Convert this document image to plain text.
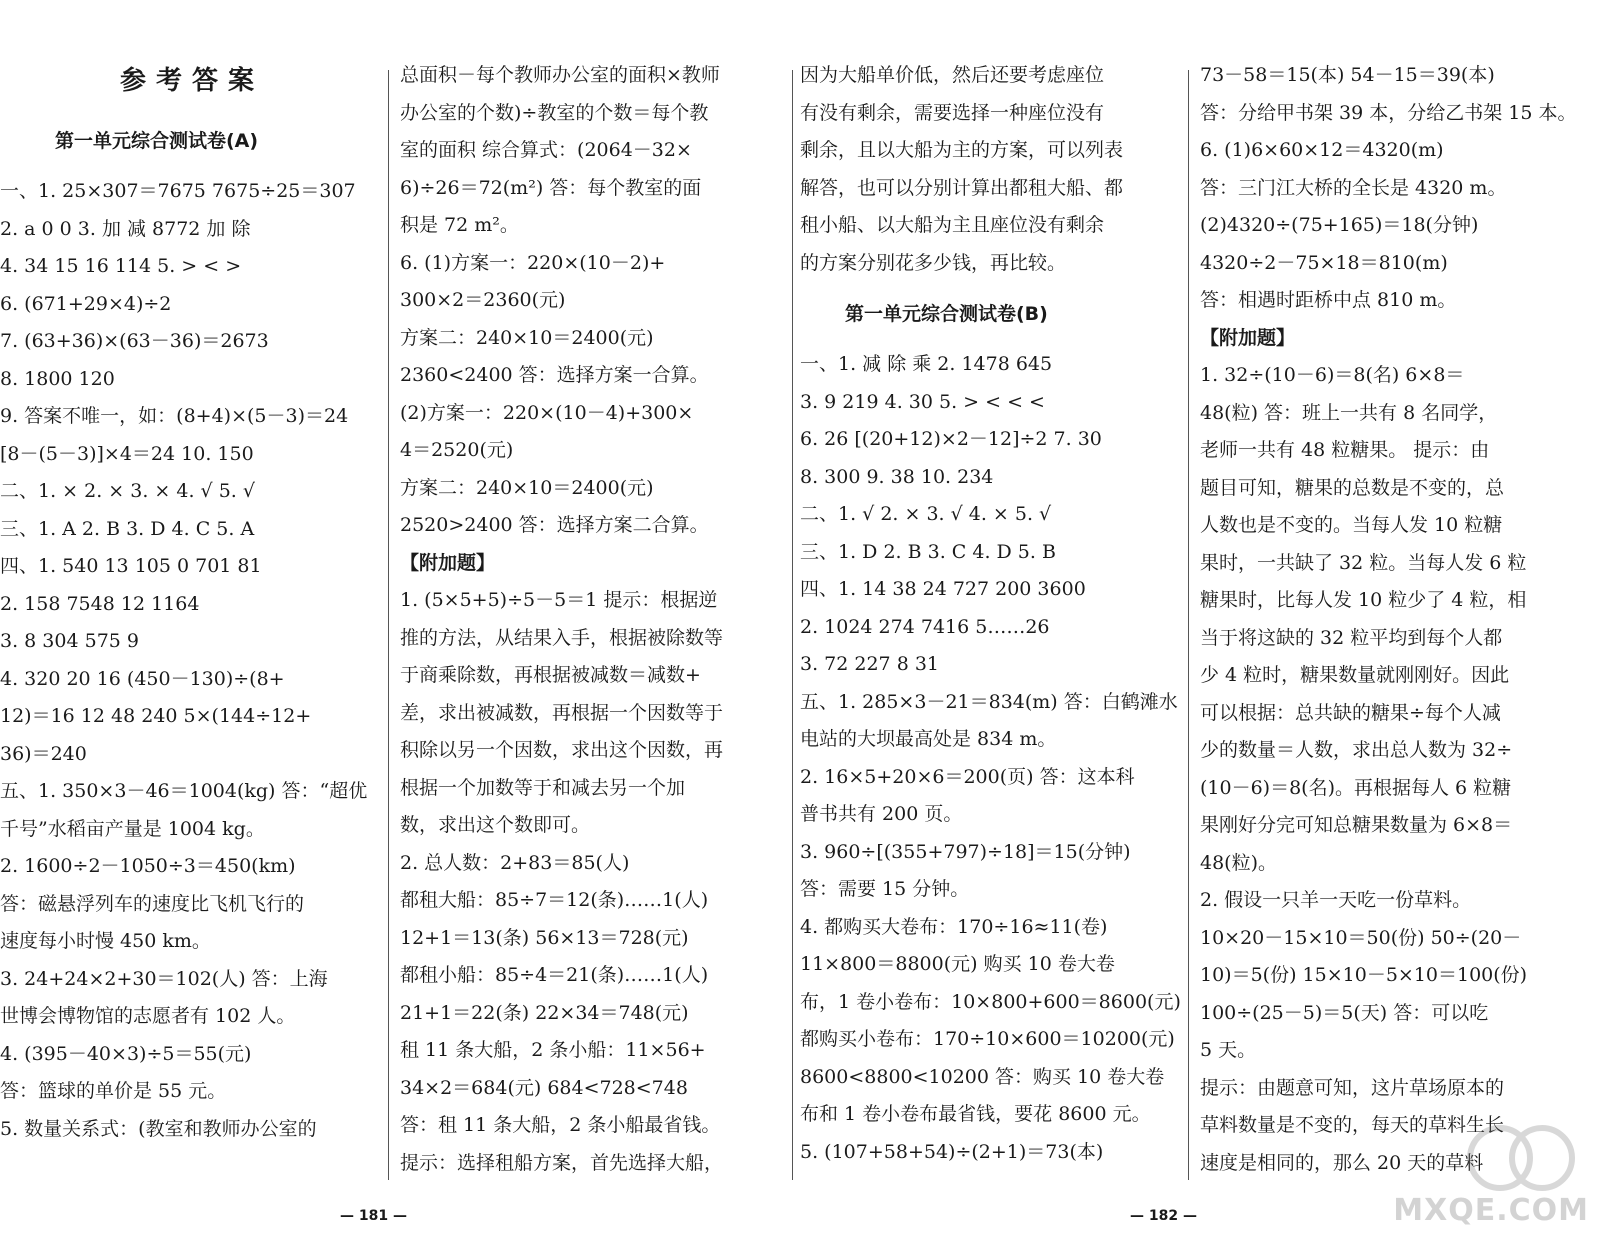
参考答案
第一单元综合测试卷(A)
一、1. 25×307＝7675 7675÷25＝307
2. a 0 0 3. 加 减 8772 加 除
4. 34 15 16 114 5. > < >
6. (671+29×4)÷2
7. (63+36)×(63－36)＝2673
8. 1800 120
9. 答案不唯一，如：(8+4)×(5－3)＝24
[8－(5－3)]×4＝24 10. 150
二、1. × 2. × 3. × 4. √ 5. √
三、1. A 2. B 3. D 4. C 5. A
四、1. 540 13 105 0 701 81
2. 158 7548 12 1164
3. 8 304 575 9
4. 320 20 16 (450－130)÷(8+
12)＝16 12 48 240 5×(144÷12+
36)＝240
五、1. 350×3－46＝1004(kg) 答：“超优
千号”水稻亩产量是 1004 kg。
2. 1600÷2－1050÷3＝450(km)
答：磁悬浮列车的速度比飞机飞行的
速度每小时慢 450 km。
3. 24+24×2+30＝102(人) 答：上海
世博会博物馆的志愿者有 102 人。
4. (395－40×3)÷5＝55(元)
答：篮球的单价是 55 元。
5. 数量关系式：(教室和教师办公室的
总面积－每个教师办公室的面积×教师
办公室的个数)÷教室的个数＝每个教
室的面积 综合算式：(2064－32×
6)÷26＝72(m²) 答：每个教室的面
积是 72 m²。
6. (1)方案一：220×(10－2)+
300×2＝2360(元)
方案二：240×10＝2400(元)
2360<2400 答：选择方案一合算。
(2)方案一：220×(10－4)+300×
4＝2520(元)
方案二：240×10＝2400(元)
2520>2400 答：选择方案二合算。
【附加题】
1. (5×5+5)÷5－5＝1 提示：根据逆
推的方法，从结果入手，根据被除数等
于商乘除数，再根据被减数＝减数+
差，求出被减数，再根据一个因数等于
积除以另一个因数，求出这个因数，再
根据一个加数等于和减去另一个加
数，求出这个数即可。
2. 总人数：2+83＝85(人)
都租大船：85÷7＝12(条)……1(人)
12+1＝13(条) 56×13＝728(元)
都租小船：85÷4＝21(条)……1(人)
21+1＝22(条) 22×34＝748(元)
租 11 条大船，2 条小船：11×56+
34×2＝684(元) 684<728<748
答：租 11 条大船，2 条小船最省钱。
提示：选择租船方案，首先选择大船，
因为大船单价低，然后还要考虑座位
有没有剩余，需要选择一种座位没有
剩余，且以大船为主的方案，可以列表
解答，也可以分别计算出都租大船、都
租小船、以大船为主且座位没有剩余
的方案分别花多少钱，再比较。
第一单元综合测试卷(B)
一、1. 减 除 乘 2. 1478 645
3. 9 219 4. 30 5. > < < <
6. 26 [(20+12)×2－12]÷2 7. 30
8. 300 9. 38 10. 234
二、1. √ 2. × 3. √ 4. × 5. √
三、1. D 2. B 3. C 4. D 5. B
四、1. 14 38 24 727 200 3600
2. 1024 274 7416 5……26
3. 72 227 8 31
五、1. 285×3－21＝834(m) 答：白鹤滩水
电站的大坝最高处是 834 m。
2. 16×5+20×6＝200(页) 答：这本科
普书共有 200 页。
3. 960÷[(355+797)÷18]＝15(分钟)
答：需要 15 分钟。
4. 都购买大卷布：170÷16≈11(卷)
11×800＝8800(元) 购买 10 卷大卷
布，1 卷小卷布：10×800+600＝8600(元)
都购买小卷布：170÷10×600＝10200(元)
8600<8800<10200 答：购买 10 卷大卷
布和 1 卷小卷布最省钱，要花 8600 元。
5. (107+58+54)÷(2+1)＝73(本)
73－58＝15(本) 54－15＝39(本)
答：分给甲书架 39 本，分给乙书架 15 本。
6. (1)6×60×12＝4320(m)
答：三门江大桥的全长是 4320 m。
(2)4320÷(75+165)＝18(分钟)
4320÷2－75×18＝810(m)
答：相遇时距桥中点 810 m。
【附加题】
1. 32÷(10－6)＝8(名) 6×8＝
48(粒) 答：班上一共有 8 名同学，
老师一共有 48 粒糖果。 提示：由
题目可知，糖果的总数是不变的，总
人数也是不变的。当每人发 10 粒糖
果时，一共缺了 32 粒。当每人发 6 粒
糖果时，比每人发 10 粒少了 4 粒，相
当于将这缺的 32 粒平均到每个人都
少 4 粒时，糖果数量就刚刚好。因此
可以根据：总共缺的糖果÷每个人减
少的数量＝人数，求出总人数为 32÷
(10－6)＝8(名)。再根据每人 6 粒糖
果刚好分完可知总糖果数量为 6×8＝
48(粒)。
2. 假设一只羊一天吃一份草料。
10×20－15×10＝50(份) 50÷(20－
10)＝5(份) 15×10－5×10＝100(份)
100÷(25－5)＝5(天) 答：可以吃
5 天。
提示：由题意可知，这片草场原本的
草料数量是不变的，每天的草料生长
速度是相同的，那么 20 天的草料
— 181 —	— 182 —	MXQE.COM
